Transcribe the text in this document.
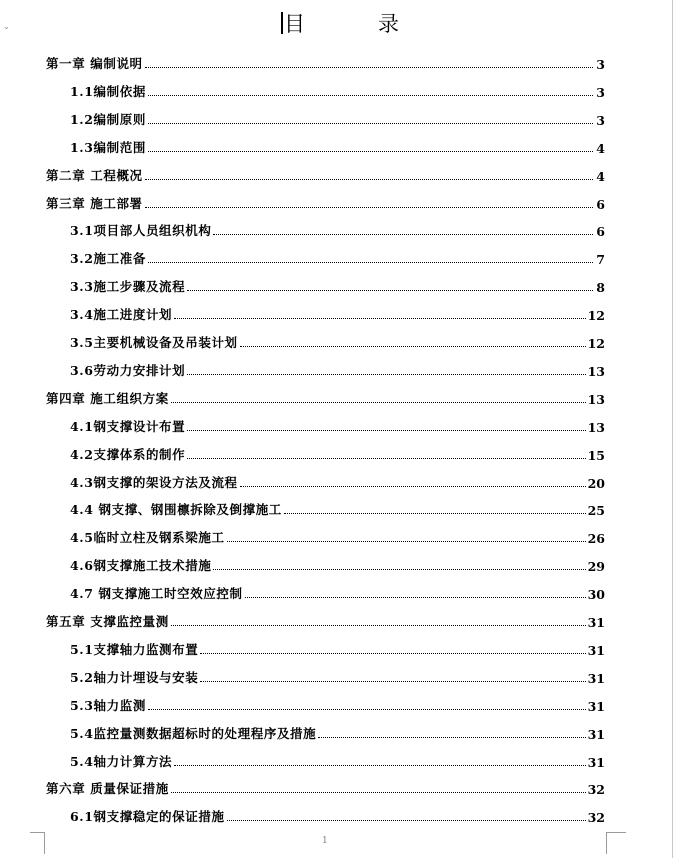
⌄	目　录
第一章 编制说明	3
1.1编制依据	3
1.2编制原则	3
1.3编制范围	4
第二章 工程概况	4
第三章 施工部署	6
3.1项目部人员组织机构	6
3.2施工准备	7
3.3施工步骤及流程	8
3.4施工进度计划	12
3.5主要机械设备及吊装计划	12
3.6劳动力安排计划	13
第四章 施工组织方案	13
4.1钢支撑设计布置	13
4.2支撑体系的制作	15
4.3钢支撑的架设方法及流程	20
4.4 钢支撑、钢围檩拆除及倒撑施工	25
4.5临时立柱及钢系梁施工	26
4.6钢支撑施工技术措施	29
4.7 钢支撑施工时空效应控制	30
第五章 支撑监控量测	31
5.1支撑轴力监测布置	31
5.2轴力计埋设与安装	31
5.3轴力监测	31
5.4监控量测数据超标时的处理程序及措施	31
5.4轴力计算方法	31
第六章 质量保证措施	32
6.1钢支撑稳定的保证措施	32
1
